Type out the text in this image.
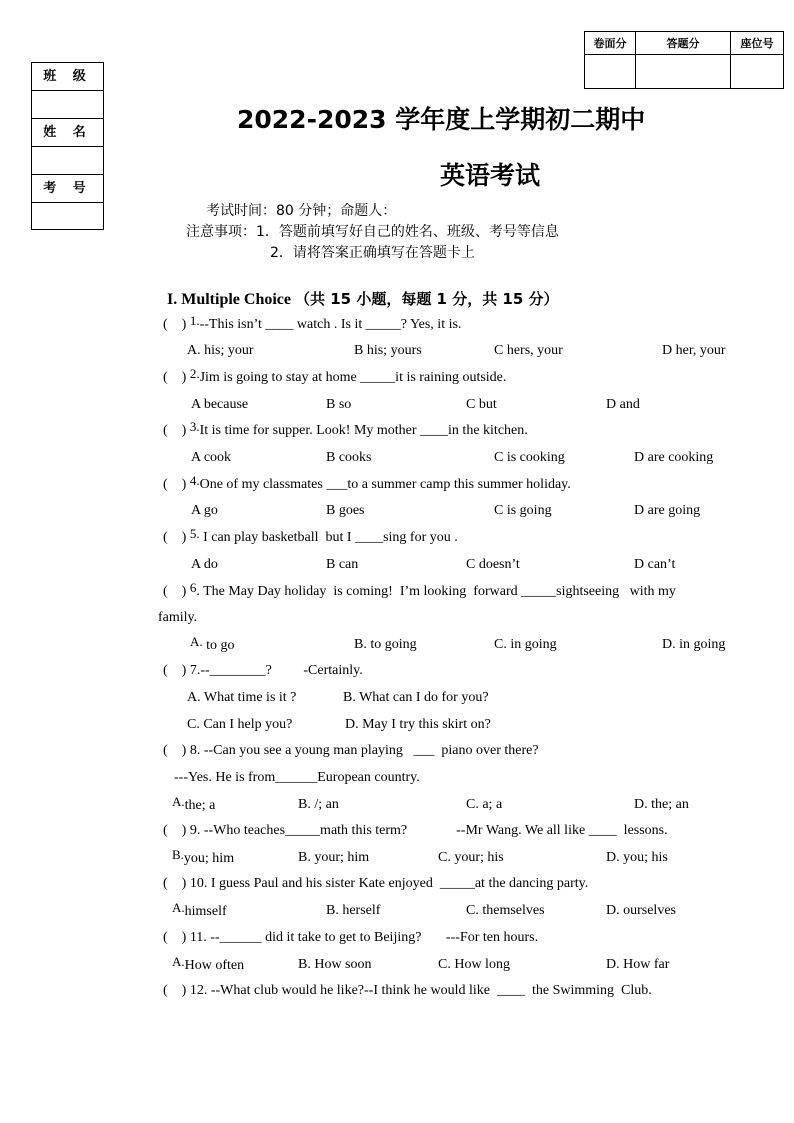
班 级
姓 名
考 号
卷面分	答题分	座位号

2022-2023 学年度上学期初二期中
英语考试
考试时间：80 分钟；命题人：
注意事项：1．答题前填写好自己的姓名、班级、考号等信息
2．请将答案正确填写在答题卡上
I. Multiple Choice （共 15 小题，每题 1 分，共 15 分）
(    ) 1.--This isn’t ____ watch . Is it _____? Yes, it is.
A. his; your	B his; yours	C hers, your	D her, your
(    ) 2.Jim is going to stay at home _____it is raining outside.
A because	B so	C but	D and
(    ) 3.It is time for supper. Look! My mother ____in the kitchen.
A cook	B cooks	C is cooking	D are cooking
(    ) 4.One of my classmates ___to a summer camp this summer holiday.
A go	B goes	C is going	D are going
(    ) 5. I can play basketball  but I ____sing for you .
A do	B can	C doesn’t	D can’t
(    ) 6. The May Day holiday  is coming!  I’m looking  forward _____sightseeing   with my
family.
A. to go	B. to going	C. in going	D. in going
(    ) 7.--________?         -Certainly.
A. What time is it ?	B. What can I do for you?
C. Can I help you?	D. May I try this skirt on?
(    ) 8. --Can you see a young man playing   ___  piano over there?
---Yes. He is from______European country.
A.the; a	B. /; an	C. a; a	D. the; an
(    ) 9. --Who teaches_____math this term?              --Mr Wang. We all like ____  lessons.
B.you; him	B. your; him	C. your; his	D. you; his
(    ) 10. I guess Paul and his sister Kate enjoyed  _____at the dancing party.
A.himself	B. herself	C. themselves	D. ourselves
(    ) 11. --______ did it take to get to Beijing?       ---For ten hours.
A.How often	B. How soon	C. How long	D. How far
(    ) 12. --What club would he like?--I think he would like  ____  the Swimming  Club.
